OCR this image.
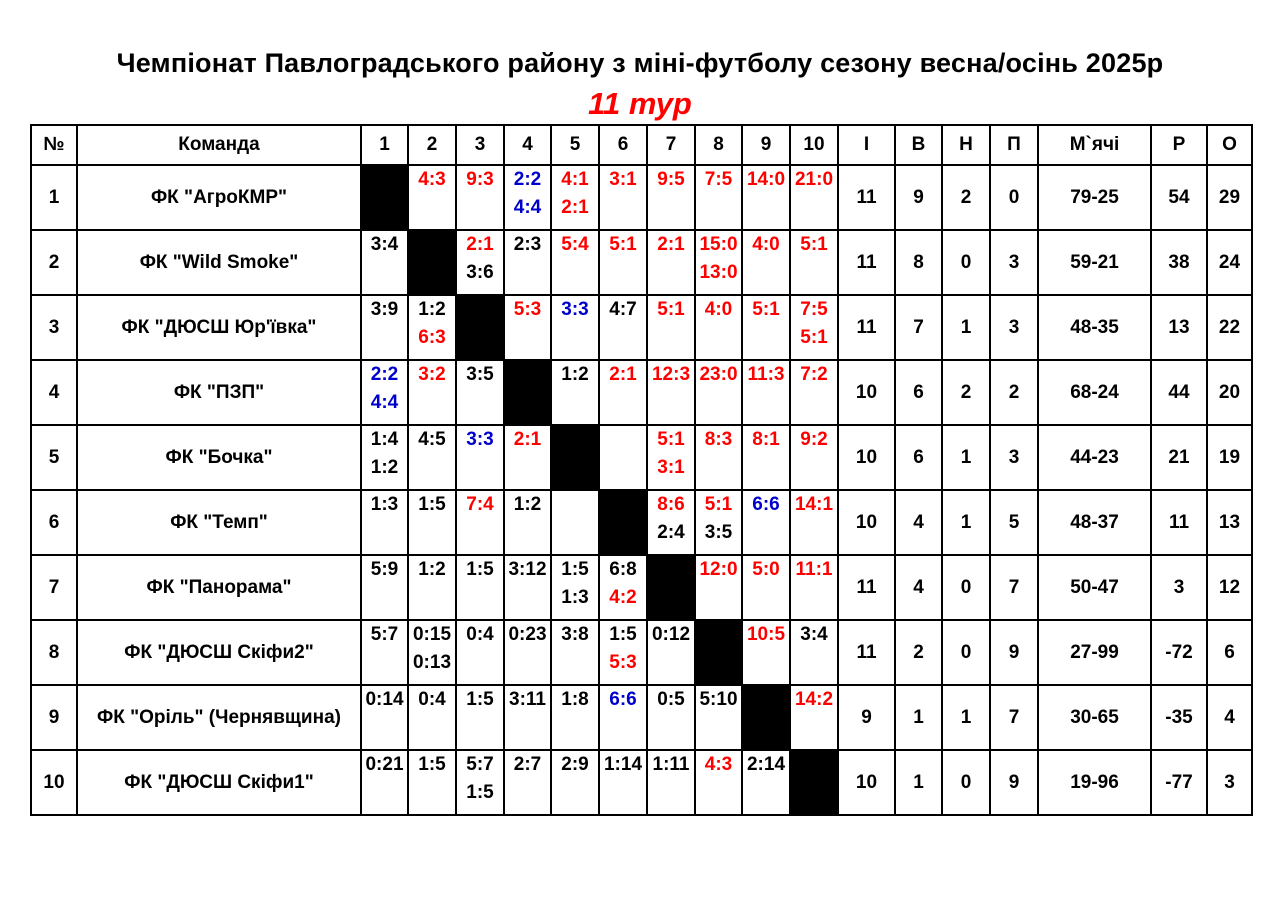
Чемпіонат Павлоградського району з міні-футболу сезону весна/осінь 2025р
11 тур
№	Команда	1	2	3	4	5	6	7	8	9	10	І	В	Н	П	М`ячі	Р	О
1	ФК "АгроКМР"		4:3	9:3	2:2
4:4	4:1
2:1	3:1	9:5	7:5	14:0	21:0	11	9	2	0	79-25	54	29
2	ФК "Wild Smoke"	3:4		2:1
3:6	2:3	5:4	5:1	2:1	15:0
13:0	4:0	5:1	11	8	0	3	59-21	38	24
3	ФК "ДЮСШ Юр'ївка"	3:9	1:2
6:3		5:3	3:3	4:7	5:1	4:0	5:1	7:5
5:1	11	7	1	3	48-35	13	22
4	ФК "ПЗП"	2:2
4:4	3:2	3:5		1:2	2:1	12:3	23:0	11:3	7:2	10	6	2	2	68-24	44	20
5	ФК "Бочка"	1:4
1:2	4:5	3:3	2:1			5:1
3:1	8:3	8:1	9:2	10	6	1	3	44-23	21	19
6	ФК "Темп"	1:3	1:5	7:4	1:2			8:6
2:4	5:1
3:5	6:6	14:1	10	4	1	5	48-37	11	13
7	ФК "Панорама"	5:9	1:2	1:5	3:12	1:5
1:3	6:8
4:2		12:0	5:0	11:1	11	4	0	7	50-47	3	12
8	ФК "ДЮСШ Скіфи2"	5:7	0:15
0:13	0:4	0:23	3:8	1:5
5:3	0:12		10:5	3:4	11	2	0	9	27-99	-72	6
9	ФК "Оріль" (Чернявщина)	0:14	0:4	1:5	3:11	1:8	6:6	0:5	5:10		14:2	9	1	1	7	30-65	-35	4
10	ФК "ДЮСШ Скіфи1"	0:21	1:5	5:7
1:5	2:7	2:9	1:14	1:11	4:3	2:14		10	1	0	9	19-96	-77	3
